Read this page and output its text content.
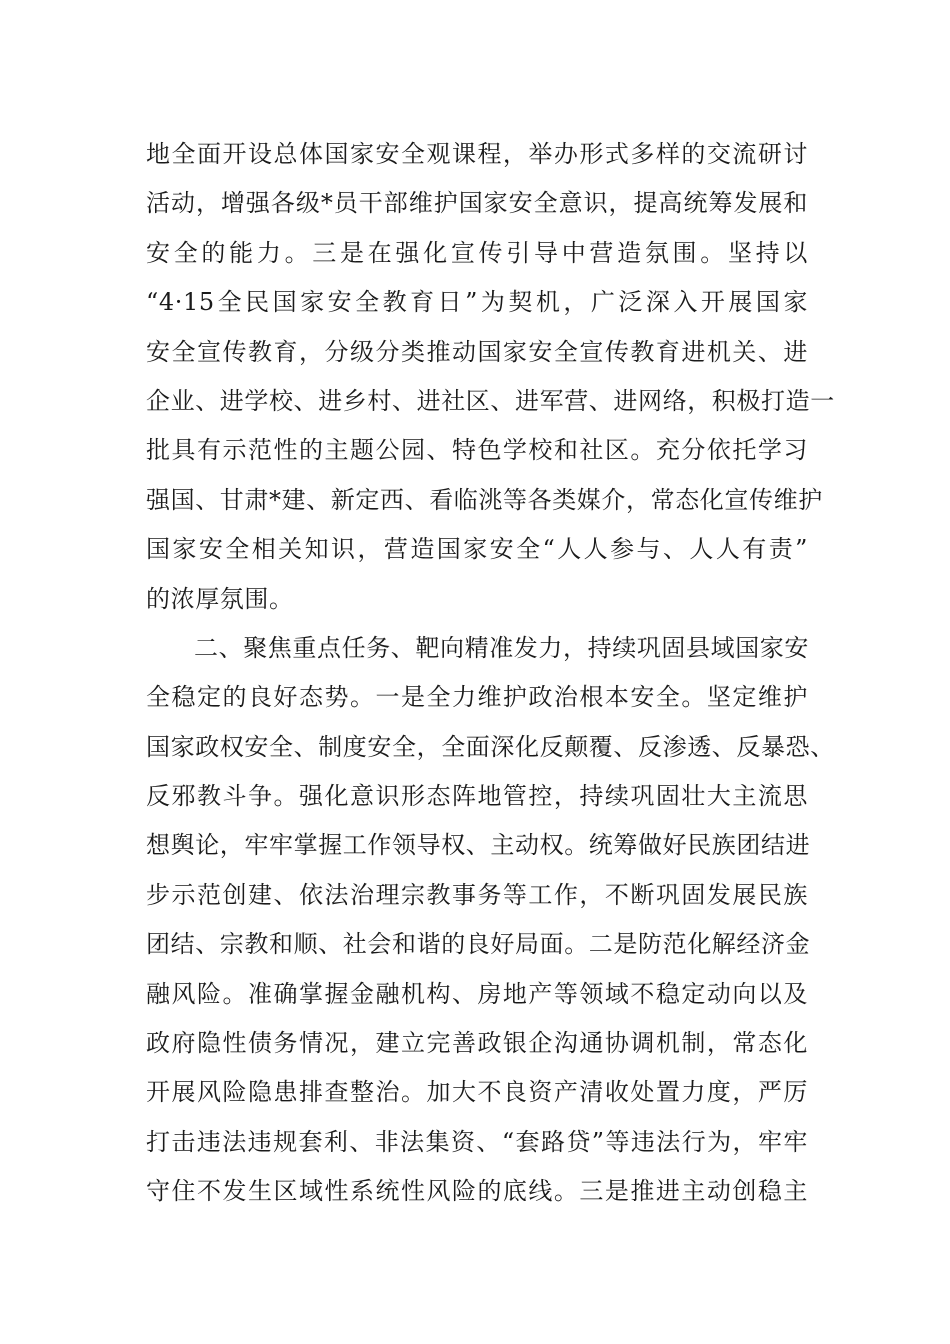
地全面开设总体国家安全观课程，举办形式多样的交流研讨
活动，增强各级*员干部维护国家安全意识，提高统筹发展和
安全的能力。三是在强化宣传引导中营造氛围。坚持以
“4·15全民国家安全教育日”为契机，广泛深入开展国家
安全宣传教育，分级分类推动国家安全宣传教育进机关、进
企业、进学校、进乡村、进社区、进军营、进网络，积极打造一
批具有示范性的主题公园、特色学校和社区。充分依托学习
强国、甘肃*建、新定西、看临洮等各类媒介，常态化宣传维护
国家安全相关知识，营造国家安全“人人参与、人人有责”
的浓厚氛围。
二、聚焦重点任务、靶向精准发力，持续巩固县域国家安
全稳定的良好态势。一是全力维护政治根本安全。坚定维护
国家政权安全、制度安全，全面深化反颠覆、反渗透、反暴恐、
反邪教斗争。强化意识形态阵地管控，持续巩固壮大主流思
想舆论，牢牢掌握工作领导权、主动权。统筹做好民族团结进
步示范创建、依法治理宗教事务等工作，不断巩固发展民族
团结、宗教和顺、社会和谐的良好局面。二是防范化解经济金
融风险。准确掌握金融机构、房地产等领域不稳定动向以及
政府隐性债务情况，建立完善政银企沟通协调机制，常态化
开展风险隐患排查整治。加大不良资产清收处置力度，严厉
打击违法违规套利、非法集资、“套路贷”等违法行为，牢牢
守住不发生区域性系统性风险的底线。三是推进主动创稳主
